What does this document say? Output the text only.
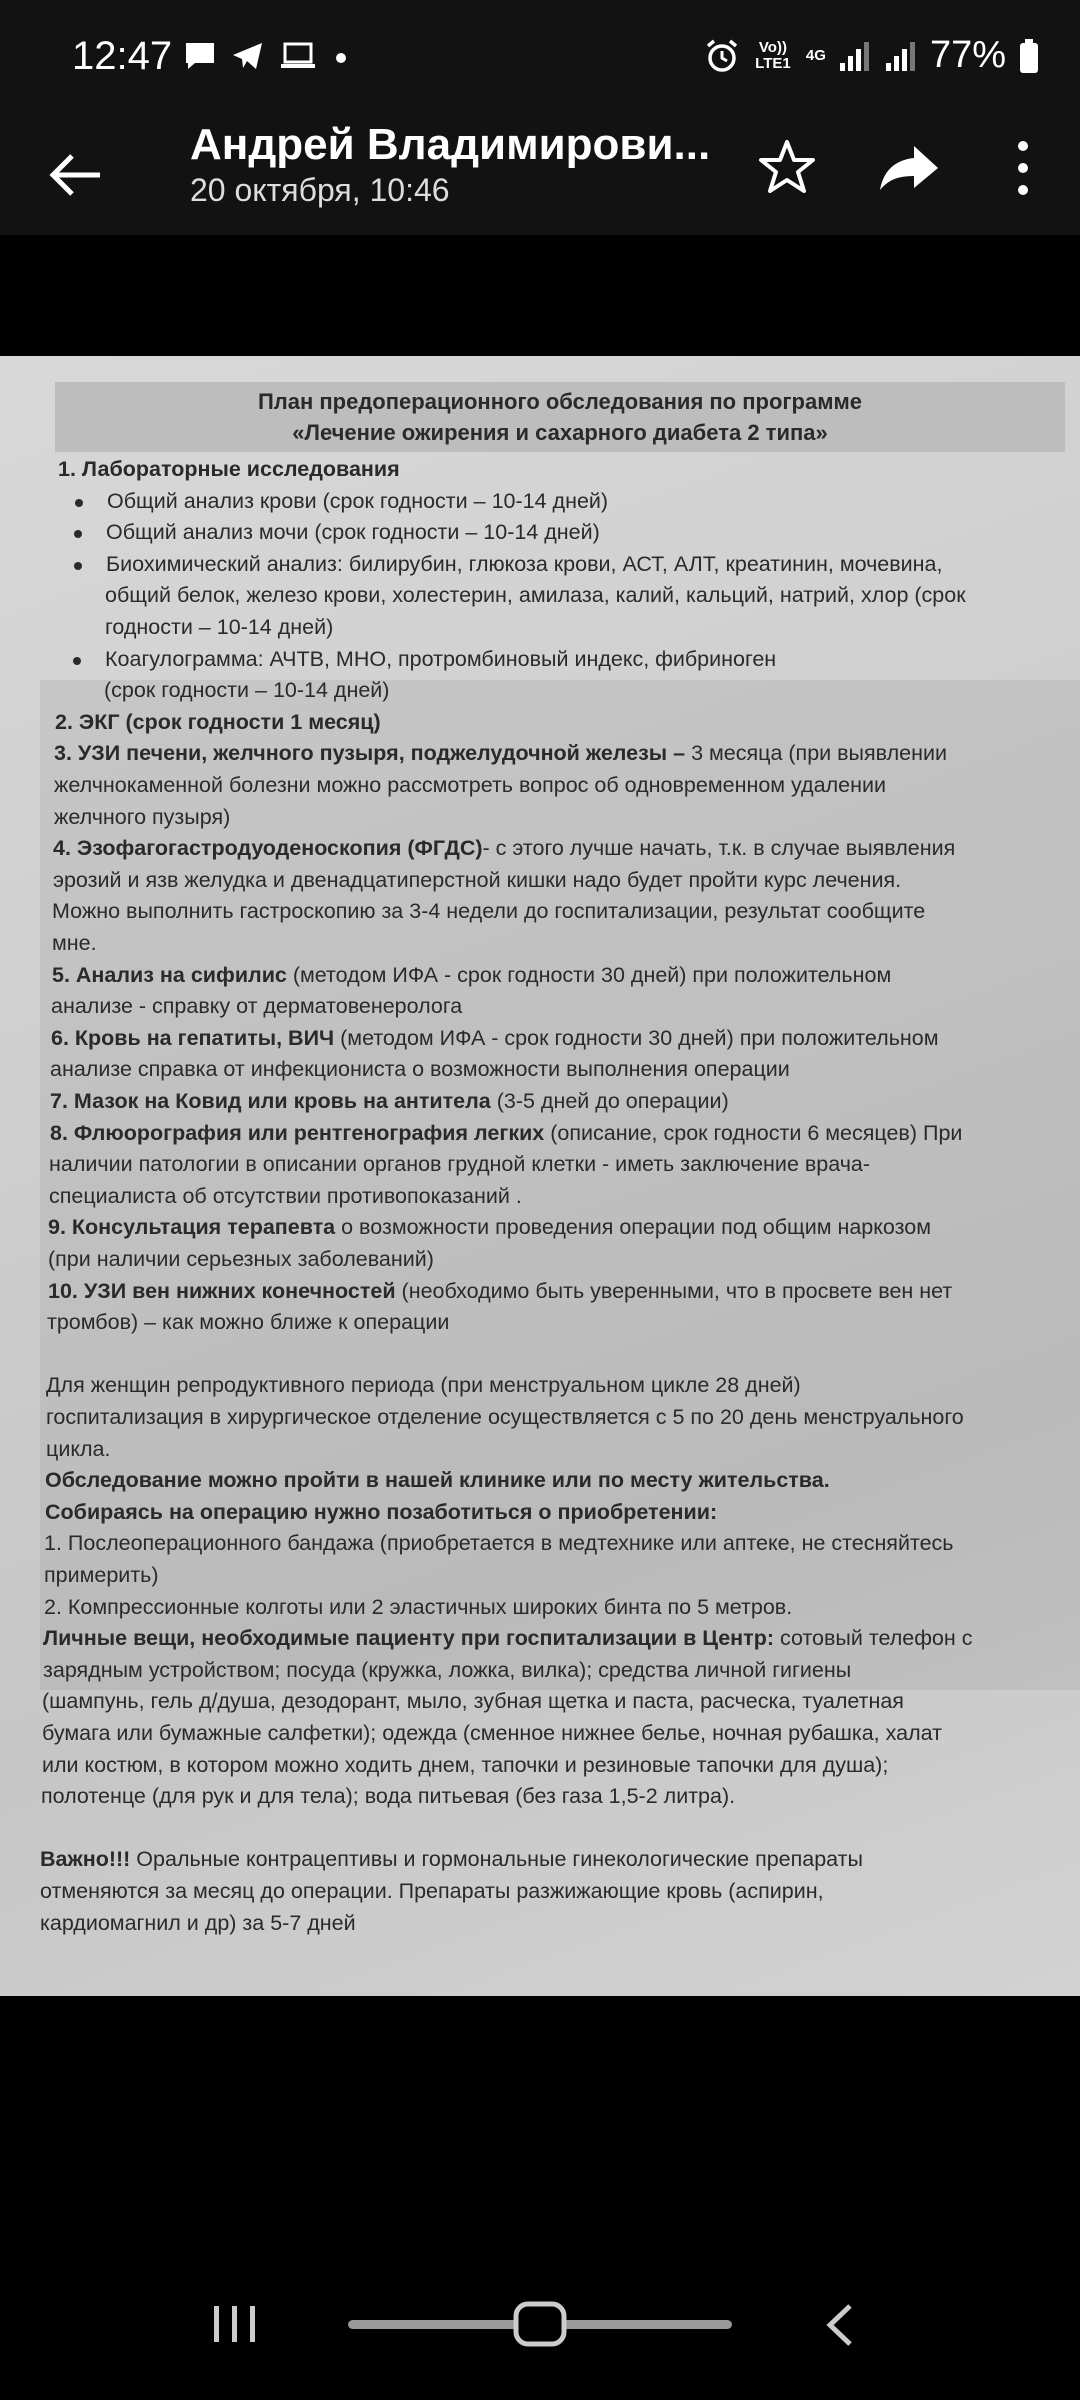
12:47	Vo)) LTE1 4G	77%
Андрей Владимирови...
20 октября, 10:46
План предоперационного обследования по программе
«Лечение ожирения и сахарного диабета 2 типа»
1. Лабораторные исследования
Общий анализ крови (срок годности – 10-14 дней)
Общий анализ мочи (срок годности – 10-14 дней)
Биохимический анализ: билирубин, глюкоза крови, АСТ, АЛТ, креатинин, мочевина,
общий белок, железо крови, холестерин, амилаза, калий, кальций, натрий, хлор (срок
годности – 10-14 дней)
Коагулограмма: АЧТВ, МНО, протромбиновый индекс, фибриноген
(срок годности – 10-14 дней)
2. ЭКГ (срок годности 1 месяц)
3. УЗИ печени, желчного пузыря, поджелудочной железы – 3 месяца (при выявлении
желчнокаменной болезни можно рассмотреть вопрос об одновременном удалении
желчного пузыря)
4. Эзофагогастродуоденоскопия (ФГДС)- с этого лучше начать, т.к. в случае выявления
эрозий и язв желудка и двенадцатиперстной кишки надо будет пройти курс лечения.
Можно выполнить гастроскопию за 3-4 недели до госпитализации, результат сообщите
мне.
5. Анализ на сифилис (методом ИФА - срок годности 30 дней) при положительном
анализе - справку от дерматовенеролога
6. Кровь на гепатиты, ВИЧ (методом ИФА - срок годности 30 дней) при положительном
анализе справка от инфекциониста о возможности выполнения операции
7. Мазок на Ковид или кровь на антитела (3-5 дней до операции)
8. Флюорография или рентгенография легких (описание, срок годности 6 месяцев) При
наличии патологии в описании органов грудной клетки - иметь заключение врача-
специалиста об отсутствии противопоказаний .
9. Консультация терапевта о возможности проведения операции под общим наркозом
(при наличии серьезных заболеваний)
10. УЗИ вен нижних конечностей (необходимо быть уверенными, что в просвете вен нет
тромбов) – как можно ближе к операции
Для женщин репродуктивного периода (при менструальном цикле 28 дней)
госпитализация в хирургическое отделение осуществляется с 5 по 20 день менструального
цикла.
Обследование можно пройти в нашей клинике или по месту жительства.
Собираясь на операцию нужно позаботиться о приобретении:
1. Послеоперационного бандажа (приобретается в медтехнике или аптеке, не стесняйтесь
примерить)
2. Компрессионные колготы или 2 эластичных широких бинта по 5 метров.
Личные вещи, необходимые пациенту при госпитализации в Центр: сотовый телефон с
зарядным устройством; посуда (кружка, ложка, вилка); средства личной гигиены
(шампунь, гель д/душа, дезодорант, мыло, зубная щетка и паста, расческа, туалетная
бумага или бумажные салфетки); одежда (сменное нижнее белье, ночная рубашка, халат
или костюм, в котором можно ходить днем, тапочки и резиновые тапочки для душа);
полотенце (для рук и для тела); вода питьевая (без газа 1,5-2 литра).
Важно!!! Оральные контрацептивы и гормональные гинекологические препараты
отменяются за месяц до операции. Препараты разжижающие кровь (аспирин,
кардиомагнил и др) за 5-7 дней
